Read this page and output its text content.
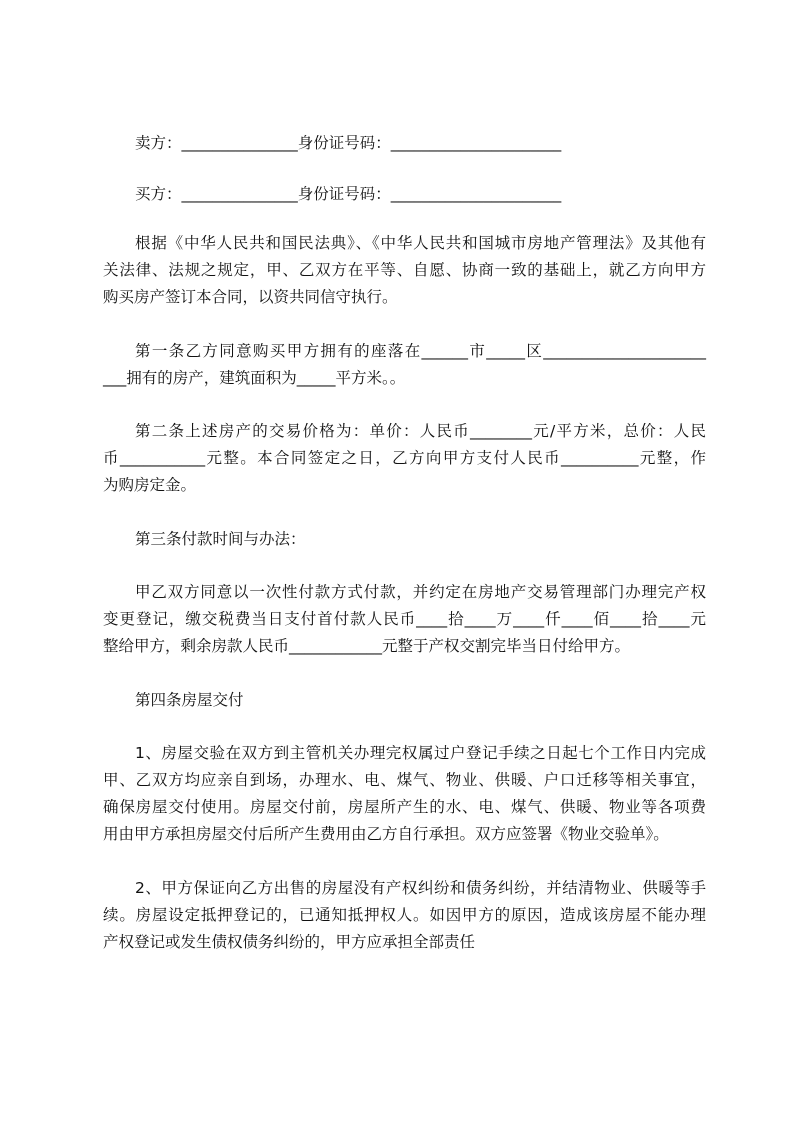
卖方：_______________身份证号码：______________________
买方：_______________身份证号码：______________________
根据《中华人民共和国民法典》、《中华人民共和国城市房地产管理法》及其他有
关法律、法规之规定，甲、乙双方在平等、自愿、协商一致的基础上，就乙方向甲方
购买房产签订本合同，以资共同信守执行。
第一条乙方同意购买甲方拥有的座落在______市_____区_____________________
___拥有的房产，建筑面积为_____平方米。。
第二条上述房产的交易价格为：单价：人民币________元/平方米，总价：人民
币___________元整。本合同签定之日，乙方向甲方支付人民币__________元整，作
为购房定金。
第三条付款时间与办法：
甲乙双方同意以一次性付款方式付款，并约定在房地产交易管理部门办理完产权
变更登记，缴交税费当日支付首付款人民币____拾____万____仟____佰____拾____元
整给甲方，剩余房款人民币____________元整于产权交割完毕当日付给甲方。
第四条房屋交付
1、房屋交验在双方到主管机关办理完权属过户登记手续之日起七个工作日内完成
甲、乙双方均应亲自到场，办理水、电、煤气、物业、供暖、户口迁移等相关事宜，
确保房屋交付使用。房屋交付前，房屋所产生的水、电、煤气、供暖、物业等各项费
用由甲方承担房屋交付后所产生费用由乙方自行承担。双方应签署《物业交验单》。
2、甲方保证向乙方出售的房屋没有产权纠纷和债务纠纷，并结清物业、供暖等手
续。房屋设定抵押登记的，已通知抵押权人。如因甲方的原因，造成该房屋不能办理
产权登记或发生债权债务纠纷的，甲方应承担全部责任
